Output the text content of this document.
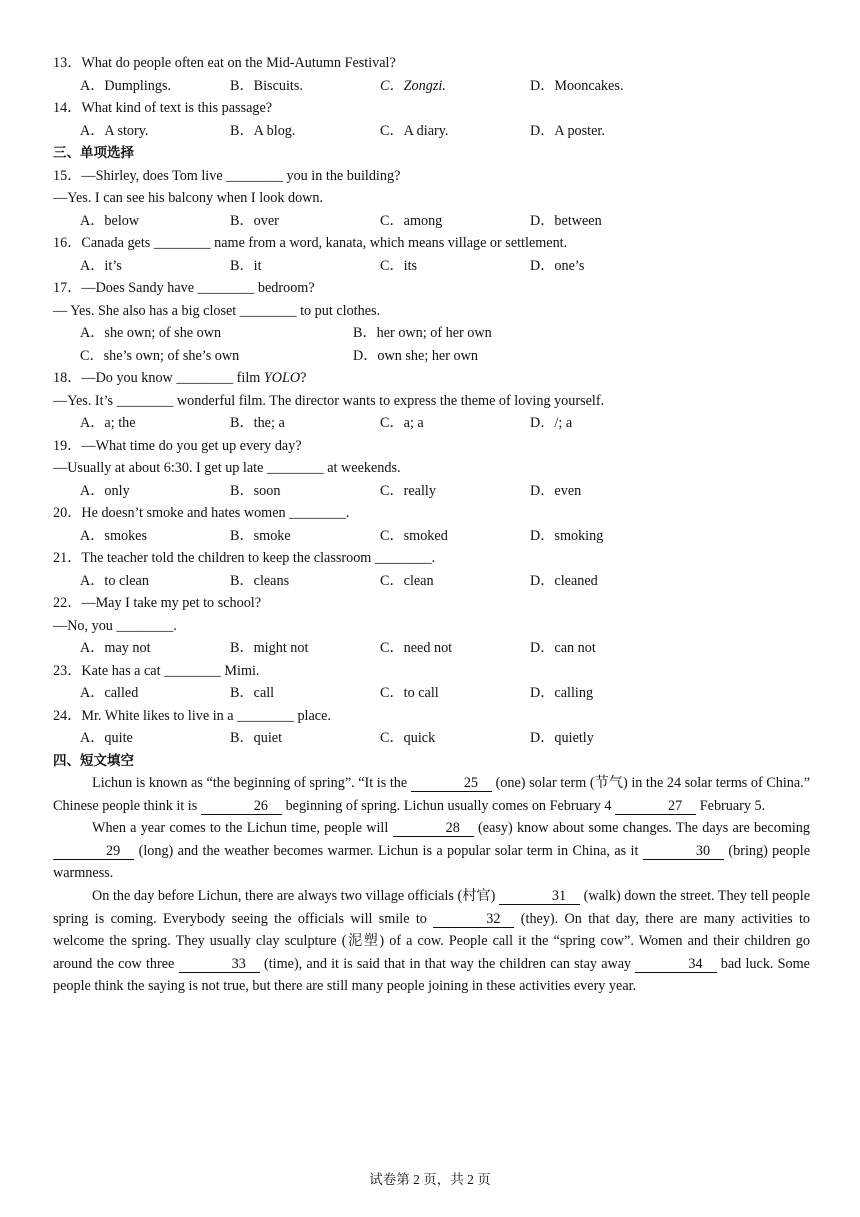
13．What do people often eat on the Mid-Autumn Festival?
A．Dumplings.	B．Biscuits.	C．Zongzi.	D．Mooncakes.
14．What kind of text is this passage?
A．A story.	B．A blog.	C．A diary.	D．A poster.
三、单项选择
15．—Shirley, does Tom live ________ you in the building?
—Yes. I can see his balcony when I look down.
A．below	B．over	C．among	D．between
16．Canada gets ________ name from a word, kanata, which means village or settlement.
A．it’s	B．it	C．its	D．one’s
17．—Does Sandy have ________ bedroom?
— Yes. She also has a big closet ________ to put clothes.
A．she own; of she own	B．her own; of her own
C．she’s own; of she’s own	D．own she; her own
18．—Do you know ________ film YOLO?
—Yes. It’s ________ wonderful film. The director wants to express the theme of loving yourself.
A．a; the	B．the; a	C．a; a	D．/; a
19．—What time do you get up every day?
—Usually at about 6:30. I get up late ________ at weekends.
A．only	B．soon	C．really	D．even
20．He doesn’t smoke and hates women ________.
A．smokes	B．smoke	C．smoked	D．smoking
21．The teacher told the children to keep the classroom ________.
A．to clean	B．cleans	C．clean	D．cleaned
22．—May I take my pet to school?
—No, you ________.
A．may not	B．might not	C．need not	D．can not
23．Kate has a cat ________ Mimi.
A．called	B．call	C．to call	D．calling
24．Mr. White likes to live in a ________ place.
A．quite	B．quiet	C．quick	D．quietly
四、短文填空

Lichun is known as “the beginning of spring”. “It is the	25 (one) solar term (节气) in the 24 solar terms of China.” Chinese people think it is	26 beginning of spring. Lichun usually comes on February 4	27 February 5.

When a year comes to the Lichun time, people will	28 (easy) know about some changes. The days are becoming 29 (long) and the weather becomes warmer. Lichun is a popular solar term in China, as it	30 (bring) people warmness.

On the day before Lichun, there are always two village officials (村官)	31 (walk) down the street. They tell people spring is coming. Everybody seeing the officials will smile to	32 (they). On that day, there are many activities to welcome the spring. They usually clay sculpture (泥塑) of a cow. People call it the “spring cow”. Women and their children go around the cow three	33 (time), and it is said that in that way the children can stay away	34 bad luck. Some people think the saying is not true, but there are still many people joining in these activities every year.

试卷第 2 页，共 2 页
